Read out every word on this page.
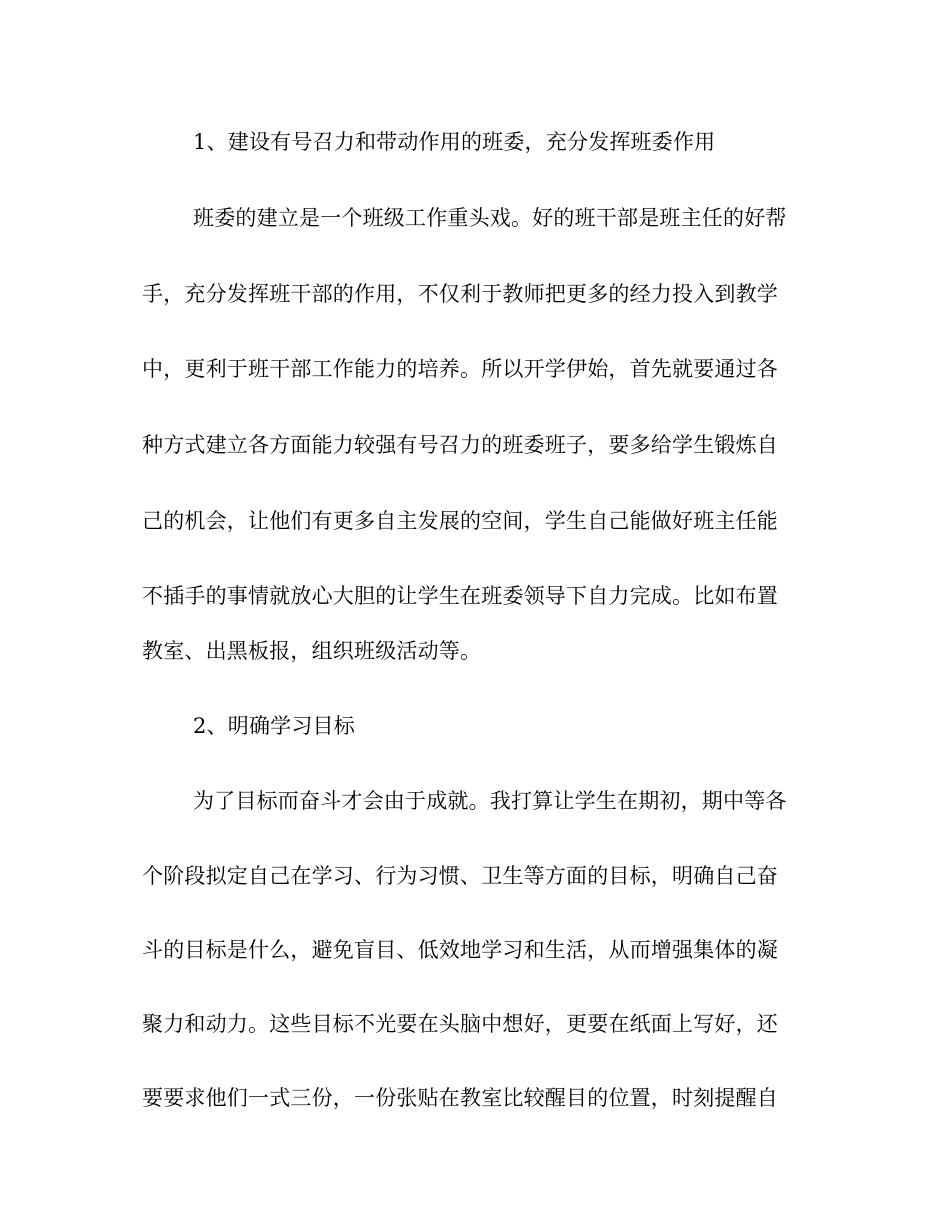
1、建设有号召力和带动作用的班委，充分发挥班委作用
班委的建立是一个班级工作重头戏。好的班干部是班主任的好帮
手，充分发挥班干部的作用，不仅利于教师把更多的经力投入到教学
中，更利于班干部工作能力的培养。所以开学伊始，首先就要通过各
种方式建立各方面能力较强有号召力的班委班子，要多给学生锻炼自
己的机会，让他们有更多自主发展的空间，学生自己能做好班主任能
不插手的事情就放心大胆的让学生在班委领导下自力完成。比如布置
教室、出黑板报，组织班级活动等。
2、明确学习目标
为了目标而奋斗才会由于成就。我打算让学生在期初，期中等各
个阶段拟定自己在学习、行为习惯、卫生等方面的目标，明确自己奋
斗的目标是什么，避免盲目、低效地学习和生活，从而增强集体的凝
聚力和动力。这些目标不光要在头脑中想好，更要在纸面上写好，还
要要求他们一式三份，一份张贴在教室比较醒目的位置，时刻提醒自
